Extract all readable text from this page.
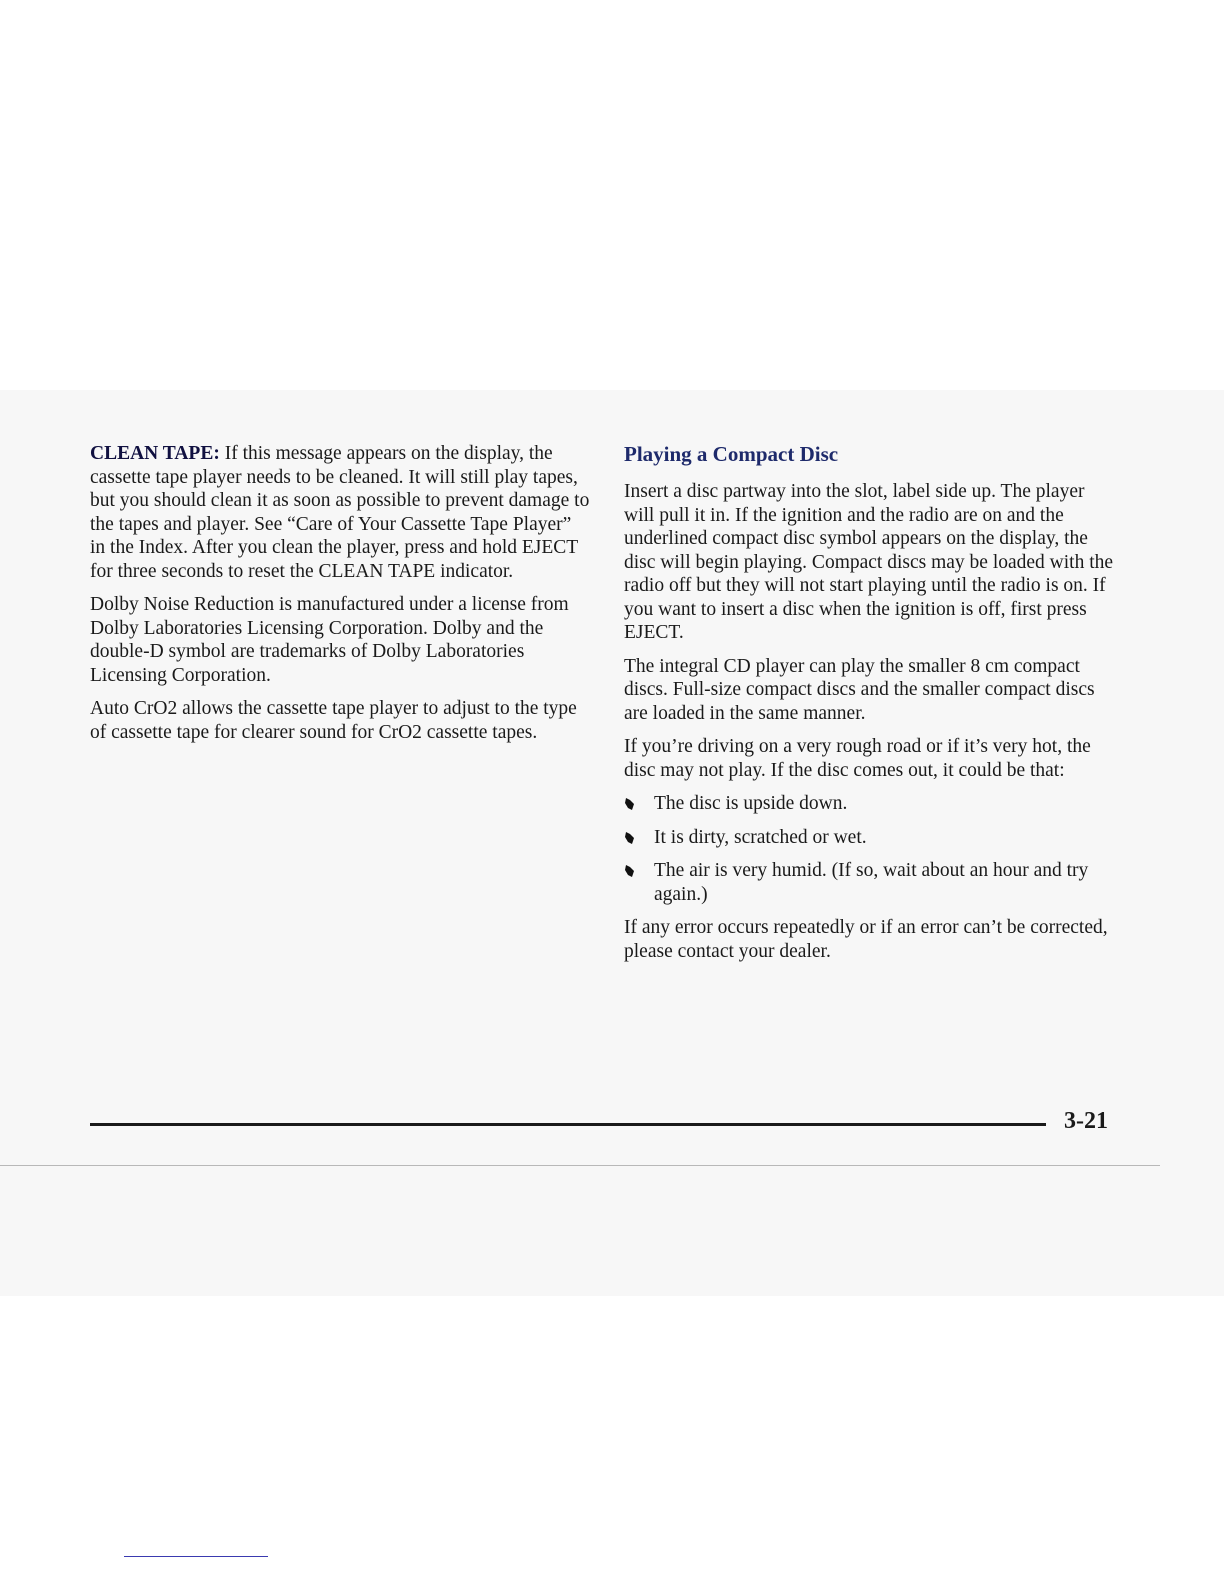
CLEAN TAPE: If this message appears on the display, the cassette tape player needs to be cleaned. It will still play tapes, but you should clean it as soon as possible to prevent damage to the tapes and player. See “Care of Your Cassette Tape Player” in the Index. After you clean the player, press and hold EJECT for three seconds to reset the CLEAN TAPE indicator.

Dolby Noise Reduction is manufactured under a license from Dolby Laboratories Licensing Corporation. Dolby and the double-D symbol are trademarks of Dolby Laboratories Licensing Corporation.

Auto CrO2 allows the cassette tape player to adjust to the type of cassette tape for clearer sound for CrO2 cassette tapes.

Playing a Compact Disc

Insert a disc partway into the slot, label side up. The player will pull it in. If the ignition and the radio are on and the underlined compact disc symbol appears on the display, the disc will begin playing. Compact discs may be loaded with the radio off but they will not start playing until the radio is on. If you want to insert a disc when the ignition is off, first press EJECT.

The integral CD player can play the smaller 8 cm compact discs. Full-size compact discs and the smaller compact discs are loaded in the same manner.

If you’re driving on a very rough road or if it’s very hot, the disc may not play. If the disc comes out, it could be that:

The disc is upside down.
It is dirty, scratched or wet.
The air is very humid. (If so, wait about an hour and try again.)

If any error occurs repeatedly or if an error can’t be corrected, please contact your dealer.

3-21
